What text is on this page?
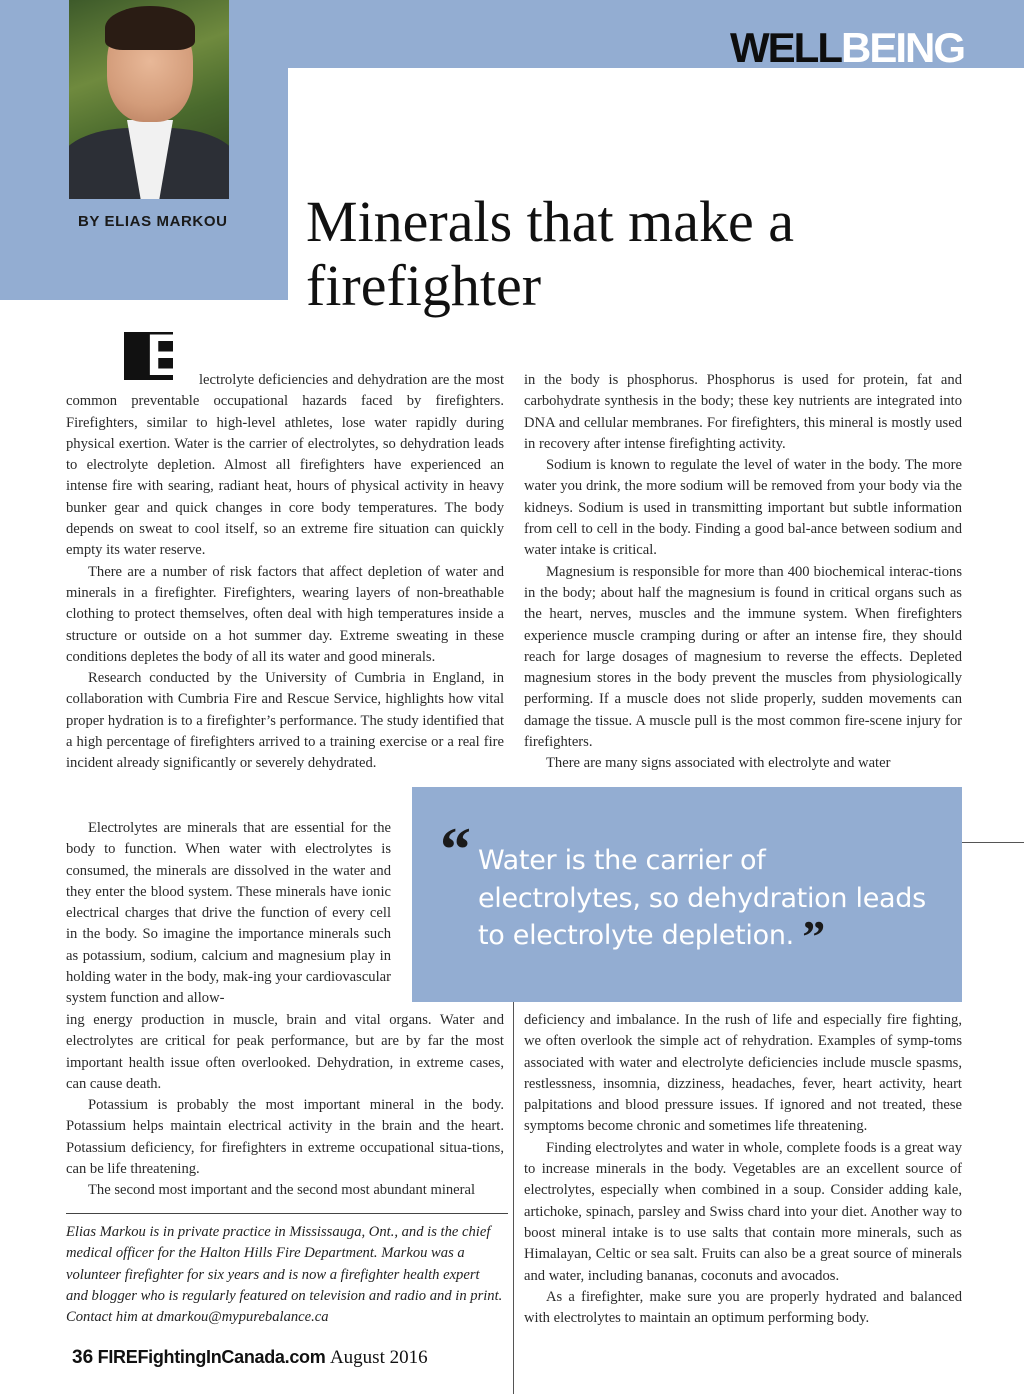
BY ELIAS MARKOU
WELLBEING
Minerals that make a firefighter

E lectrolyte deficiencies and dehydration are the most common preventable occupational hazards faced by firefighters. Firefighters, similar to high-level athletes, lose water rapidly during physical exertion. Water is the carrier of electrolytes, so dehydration leads to electrolyte depletion. Almost all firefighters have experienced an intense fire with searing, radiant heat, hours of physical activity in heavy bunker gear and quick changes in core body temperatures. The body depends on sweat to cool itself, so an extreme fire situation can quickly empty its water reserve.

There are a number of risk factors that affect depletion of water and minerals in a firefighter. Firefighters, wearing layers of non-breathable clothing to protect themselves, often deal with high temperatures inside a structure or outside on a hot summer day. Extreme sweating in these conditions depletes the body of all its water and good minerals.

Research conducted by the University of Cumbria in England, in collaboration with Cumbria Fire and Rescue Service, highlights how vital proper hydration is to a firefighter’s performance. The study identified that a high percentage of firefighters arrived to a training exercise or a real fire incident already significantly or severely dehydrated.

Electrolytes are minerals that are essential for the body to function. When water with electrolytes is consumed, the minerals are dissolved in the water and they enter the blood system. These minerals have ionic electrical charges that drive the function of every cell in the body. So imagine the importance minerals such as potassium, sodium, calcium and magnesium play in holding water in the body, mak-ing your cardiovascular system function and allow-

ing energy production in muscle, brain and vital organs. Water and electrolytes are critical for peak performance, but are by far the most important health issue often overlooked. Dehydration, in extreme cases, can cause death.

Potassium is probably the most important mineral in the body. Potassium helps maintain electrical activity in the brain and the heart. Potassium deficiency, for firefighters in extreme occupational situa-tions, can be life threatening.

The second most important and the second most abundant mineral

in the body is phosphorus. Phosphorus is used for protein, fat and carbohydrate synthesis in the body; these key nutrients are integrated into DNA and cellular membranes. For firefighters, this mineral is mostly used in recovery after intense firefighting activity.

Sodium is known to regulate the level of water in the body. The more water you drink, the more sodium will be removed from your body via the kidneys. Sodium is used in transmitting important but subtle information from cell to cell in the body. Finding a good bal-ance between sodium and water intake is critical.

Magnesium is responsible for more than 400 biochemical interac-tions in the body; about half the magnesium is found in critical organs such as the heart, nerves, muscles and the immune system. When firefighters experience muscle cramping during or after an intense fire, they should reach for large dosages of magnesium to reverse the effects. Depleted magnesium stores in the body prevent the muscles from physiologically performing. If a muscle does not slide properly, sudden movements can damage the tissue. A muscle pull is the most common fire-scene injury for firefighters.

There are many signs associated with electrolyte and water

“ Water is the carrier of electrolytes, so dehydration leads to electrolyte depletion. ”

deficiency and imbalance. In the rush of life and especially fire fighting, we often overlook the simple act of rehydration. Examples of symp-toms associated with water and electrolyte deficiencies include muscle spasms, restlessness, insomnia, dizziness, headaches, fever, heart activity, heart palpitations and blood pressure issues. If ignored and not treated, these symptoms become chronic and sometimes life threatening.

Finding electrolytes and water in whole, complete foods is a great way to increase minerals in the body. Vegetables are an excellent source of electrolytes, especially when combined in a soup. Consider adding kale, artichoke, spinach, parsley and Swiss chard into your diet. Another way to boost mineral intake is to use salts that contain more minerals, such as Himalayan, Celtic or sea salt. Fruits can also be a great source of minerals and water, including bananas, coconuts and avocados.

As a firefighter, make sure you are properly hydrated and balanced with electrolytes to maintain an optimum performing body.

Elias Markou is in private practice in Mississauga, Ont., and is the chief medical officer for the Halton Hills Fire Department. Markou was a volunteer firefighter for six years and is now a firefighter health expert and blogger who is regularly featured on television and radio and in print. Contact him at dmarkou@mypurebalance.ca
36 FIREFightingInCanada.com August 2016
